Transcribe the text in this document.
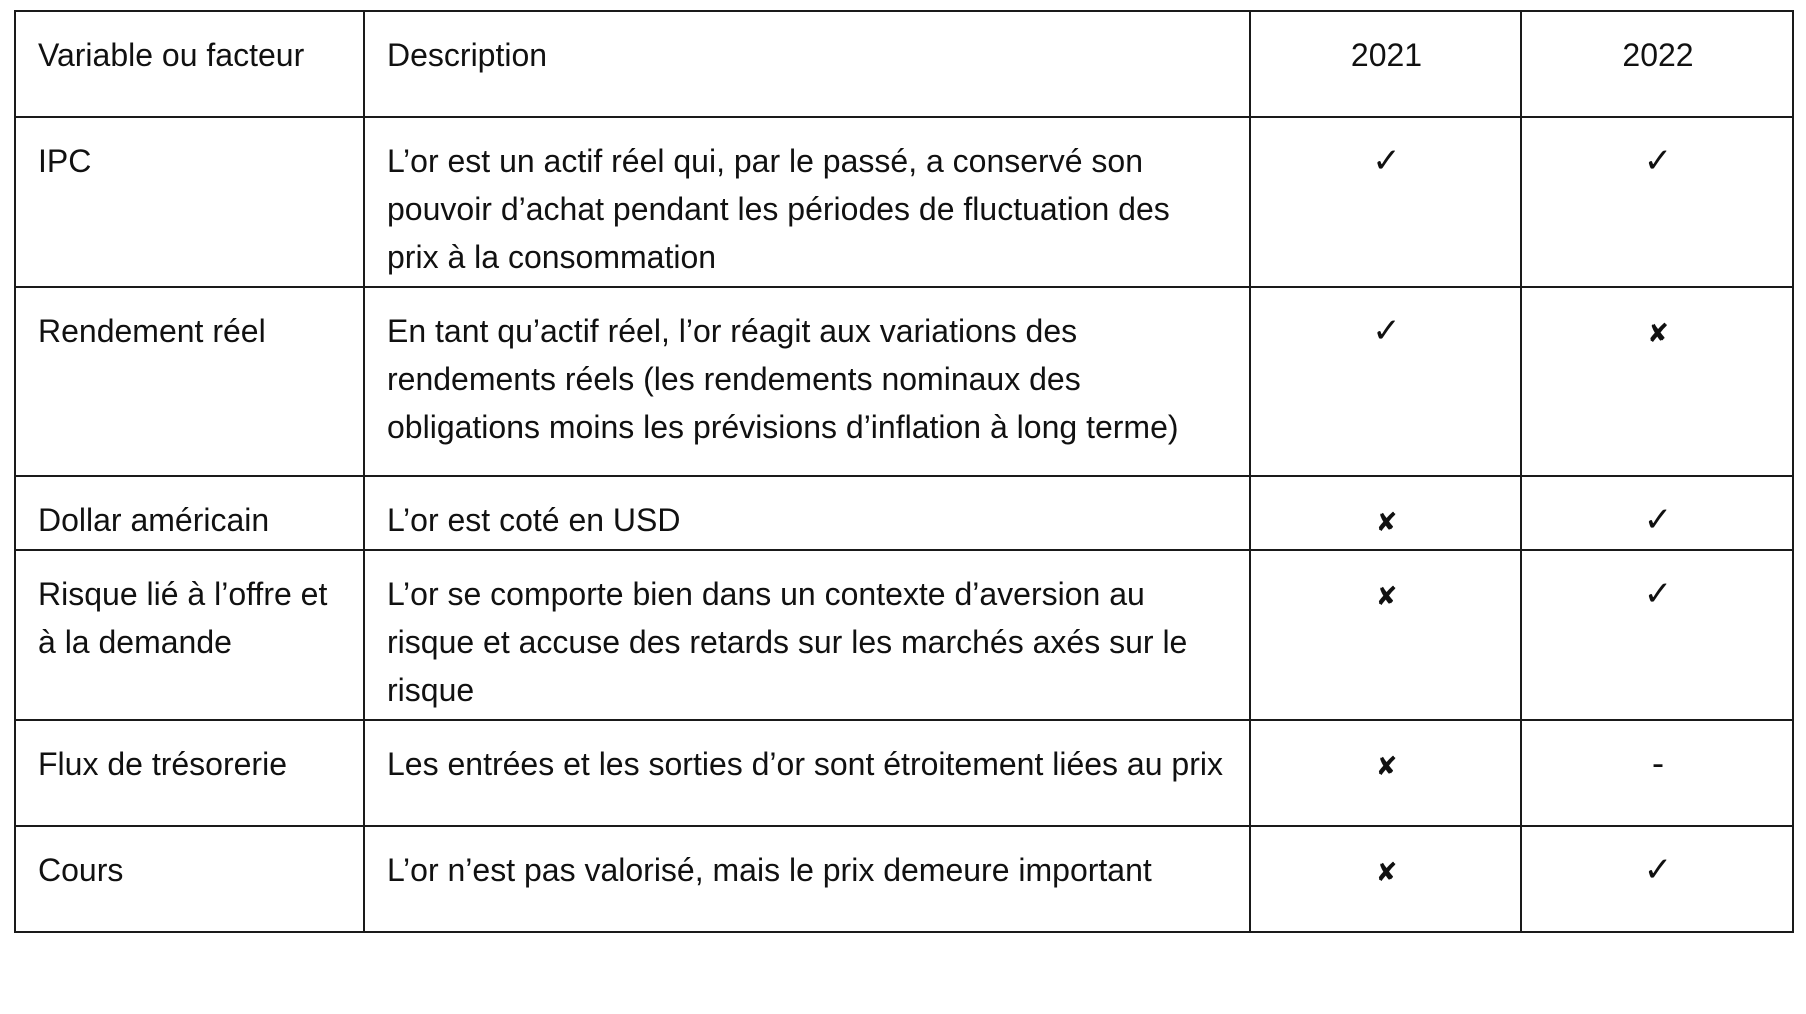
Variable ou facteur	Description	2021	2022
IPC	L’or est un actif réel qui, par le passé, a conservé son pouvoir d’achat pendant les périodes de fluctuation des prix à la consommation	✓	✓
Rendement réel	En tant qu’actif réel, l’or réagit aux variations des rendements réels (les rendements nominaux des obligations moins les prévisions d’inflation à long terme)	✓	✘
Dollar américain	L’or est coté en USD	✘	✓
Risque lié à l’offre et à la demande	L’or se comporte bien dans un contexte d’aversion au risque et accuse des retards sur les marchés axés sur le risque	✘	✓
Flux de trésorerie	Les entrées et les sorties d’or sont étroitement liées au prix	✘	-
Cours	L’or n’est pas valorisé, mais le prix demeure important	✘	✓
